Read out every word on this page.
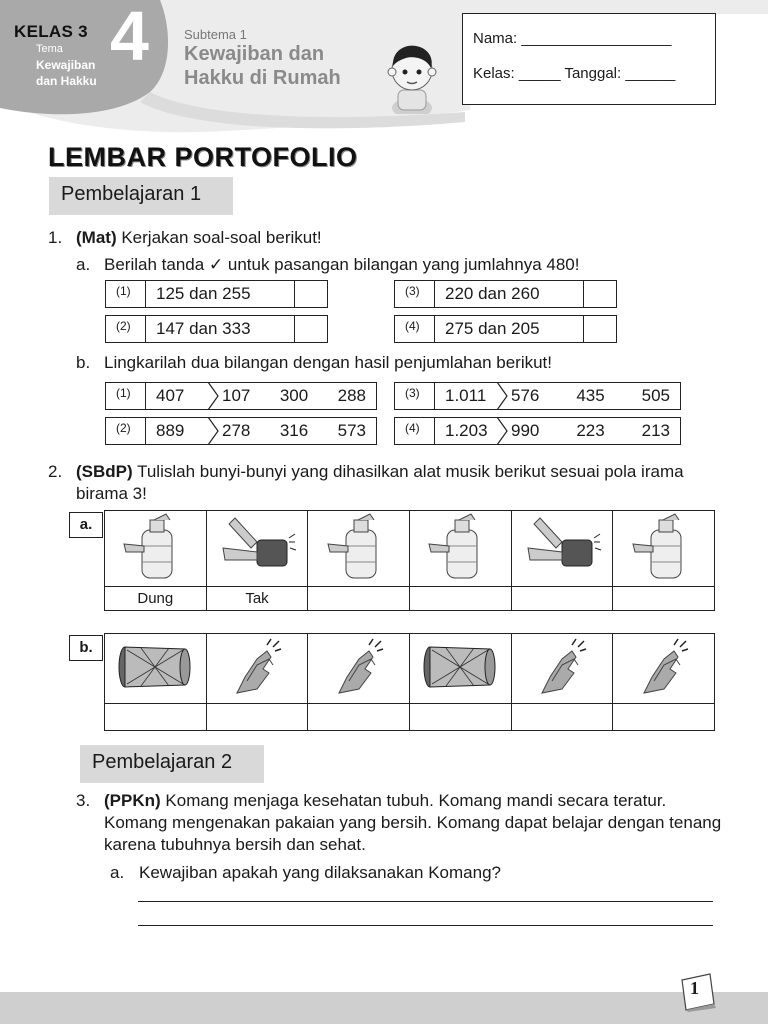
KELAS 3 4
Tema
Kewajiban dan Hakku
Subtema 1
Kewajiban dan Hakku di Rumah
Nama: __________________
Kelas: _____ Tanggal: ______
LEMBAR PORTOFOLIO
Pembelajaran 1
1. (Mat) Kerjakan soal-soal berikut!
a. Berilah tanda ✓ untuk pasangan bilangan yang jumlahnya 480!
(1)	125 dan 255	
(2)	147 dan 333	
(3)	220 dan 260	
(4)	275 dan 205	
b. Lingkarilah dua bilangan dengan hasil penjumlahan berikut!
(1)	407	107 300 288
(2)	889	278 316 573
(3)	1.011	576 435 505
(4)	1.203	990 223 213
2. (SBdP) Tulislah bunyi-bunyi yang dihasilkan alat musik berikut sesuai pola irama birama 3!
a.

Dung	Tak				
b.

Pembelajaran 2
3. (PPKn) Komang menjaga kesehatan tubuh. Komang mandi secara teratur. Komang mengenakan pakaian yang bersih. Komang dapat belajar dengan tenang karena tubuhnya bersih dan sehat.
a. Kewajiban apakah yang dilaksanakan Komang?
1
